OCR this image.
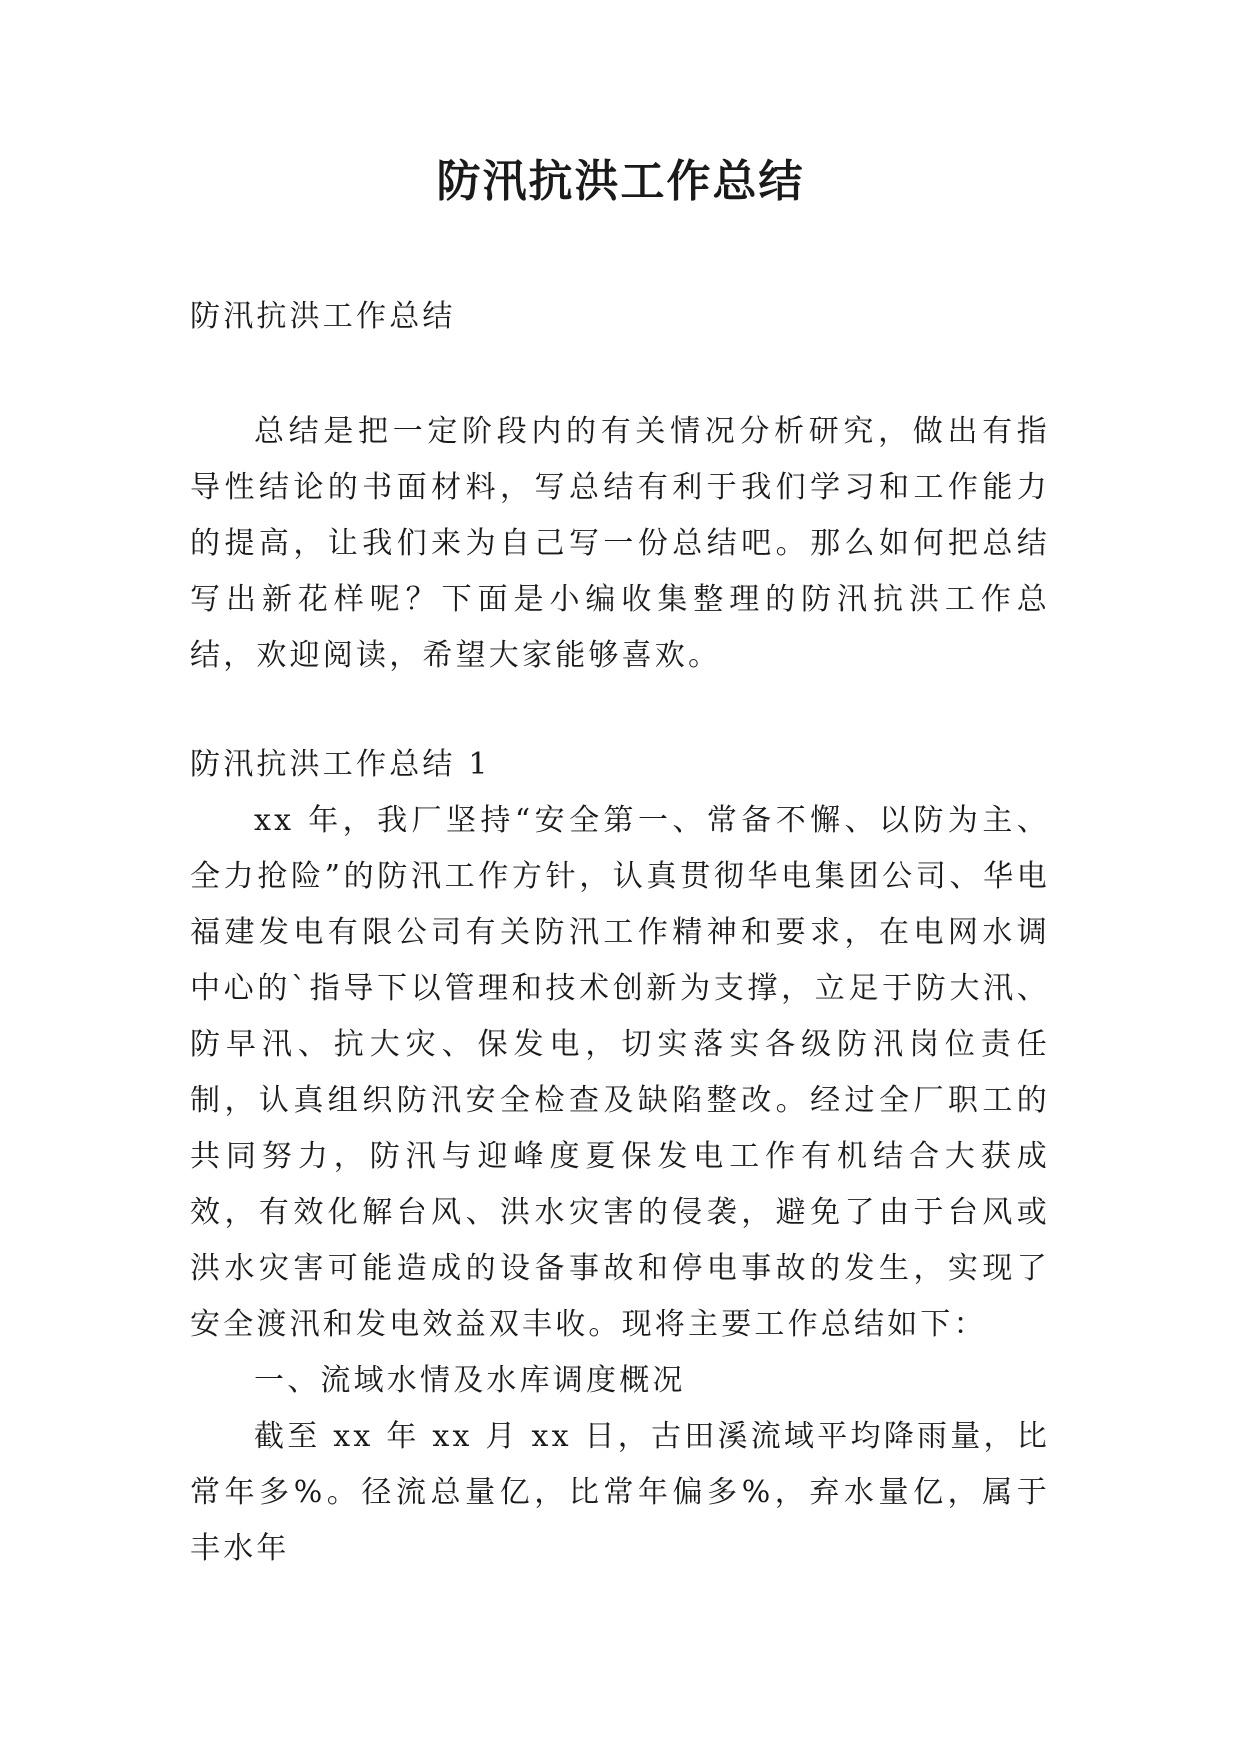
防汛抗洪工作总结

防汛抗洪工作总结

总结是把一定阶段内的有关情况分析研究，做出有指导性结论的书面材料，写总结有利于我们学习和工作能力的提高，让我们来为自己写一份总结吧。那么如何把总结写出新花样呢？下面是小编收集整理的防汛抗洪工作总结，欢迎阅读，希望大家能够喜欢。

防汛抗洪工作总结 1

xx 年，我厂坚持“安全第一、常备不懈、以防为主、全力抢险”的防汛工作方针，认真贯彻华电集团公司、华电福建发电有限公司有关防汛工作精神和要求，在电网水调中心的`指导下以管理和技术创新为支撑，立足于防大汛、防早汛、抗大灾、保发电，切实落实各级防汛岗位责任制，认真组织防汛安全检查及缺陷整改。经过全厂职工的共同努力，防汛与迎峰度夏保发电工作有机结合大获成效，有效化解台风、洪水灾害的侵袭，避免了由于台风或洪水灾害可能造成的设备事故和停电事故的发生，实现了安全渡汛和发电效益双丰收。现将主要工作总结如下：

一、流域水情及水库调度概况

截至 xx 年 xx 月 xx 日，古田溪流域平均降雨量，比常年多%。径流总量亿，比常年偏多%，弃水量亿，属于丰水年
